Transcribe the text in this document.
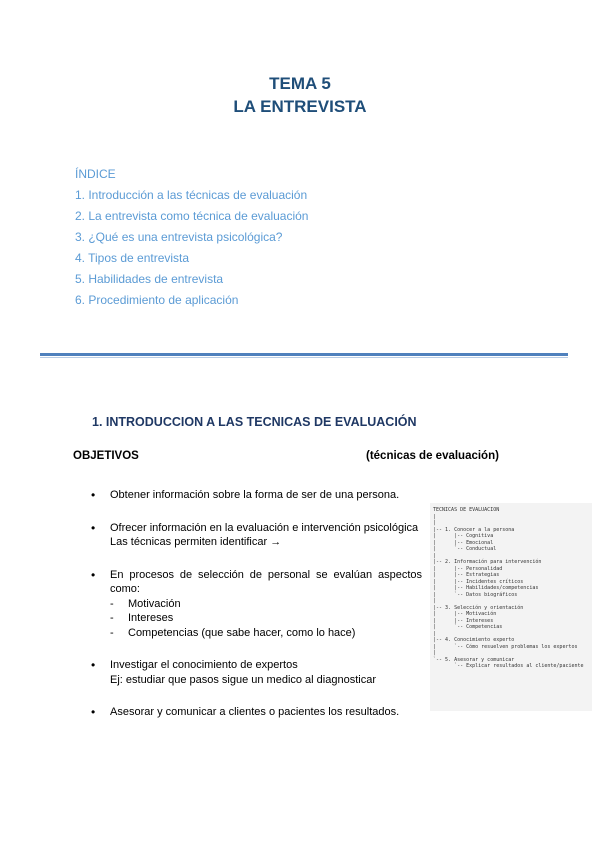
TEMA 5
LA ENTREVISTA
ÍNDICE
1. Introducción a las técnicas de evaluación
2. La entrevista como técnica de evaluación
3. ¿Qué es una entrevista psicológica?
4. Tipos de entrevista
5. Habilidades de entrevista
6. Procedimiento de aplicación
1. INTRODUCCION A LAS TECNICAS DE EVALUACIÓN
OBJETIVOS	(técnicas de evaluación)
• Obtener información sobre la forma de ser de una persona.
• Ofrecer información en la evaluación e intervención psicológica
Las técnicas permiten identificar →
• En procesos de selección de personal se evalúan aspectos como:
- Motivación
- Intereses
- Competencias (que sabe hacer, como lo hace)
• Investigar el conocimiento de expertos
Ej: estudiar que pasos sigue un medico al diagnosticar
• Asesorar y comunicar a clientes o pacientes los resultados.
TECNICAS DE EVALUACION
|
|
|-- 1. Conocer a la persona
|      |-- Cognitiva
|      |-- Emocional
|      `-- Conductual
|
|-- 2. Información para intervención
|      |-- Personalidad
|      |-- Estrategias
|      |-- Incidentes críticos
|      |-- Habilidades/competencias
|      `-- Datos biográficos
|
|-- 3. Selección y orientación
|      |-- Motivación
|      |-- Intereses
|      `-- Competencias
|
|-- 4. Conocimiento experto
|      `-- Cómo resuelven problemas los expertos
|
`-- 5. Asesorar y comunicar
`-- Explicar resultados al cliente/paciente
